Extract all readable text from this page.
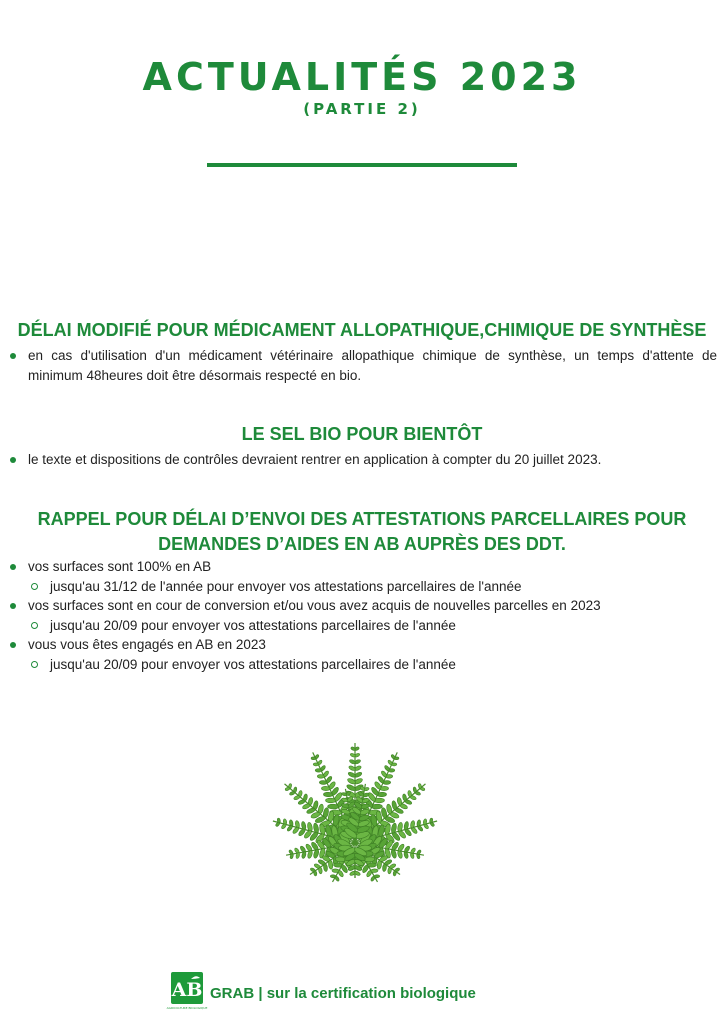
ACTUALITÉS 2023
(PARTIE 2)
DÉLAI MODIFIÉ POUR MÉDICAMENT ALLOPATHIQUE,CHIMIQUE DE SYNTHÈSE
en cas d'utilisation d'un médicament vétérinaire allopathique chimique de synthèse, un temps d'attente de minimum 48heures doit être désormais respecté en bio.
LE SEL BIO POUR BIENTÔT
le texte et dispositions de contrôles devraient rentrer en application à compter du 20 juillet 2023.
RAPPEL POUR DÉLAI D’ENVOI DES ATTESTATIONS PARCELLAIRES POUR
DEMANDES D’AIDES EN AB AUPRÈS DES DDT.
vos surfaces sont 100% en AB
jusqu'au 31/12 de l'année pour envoyer vos attestations parcellaires de l'année
vos surfaces sont en cour de conversion et/ou vous avez acquis de nouvelles parcelles en 2023
jusqu'au 20/09 pour envoyer vos attestations parcellaires de l'année
vous vous êtes engagés en AB en 2023
jusqu'au 20/09 pour envoyer vos attestations parcellaires de l'année
AB
AGRICULTURE BIOLOGIQUE
GRAB | sur la certification biologique
